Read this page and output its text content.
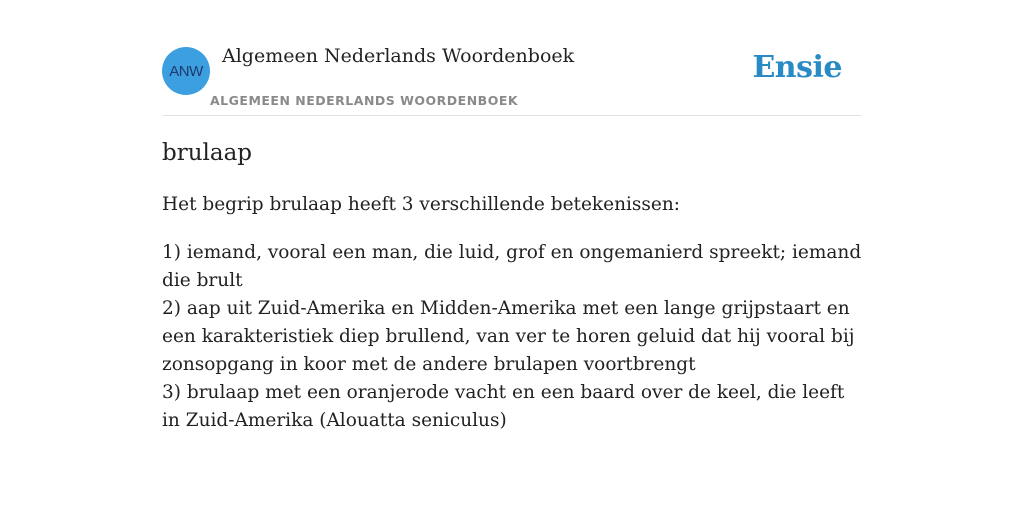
ANW
Algemeen Nederlands Woordenboek
ALGEMEEN NEDERLANDS WOORDENBOEK
Ensie
brulaap
Het begrip brulaap heeft 3 verschillende betekenissen:
1) iemand, vooral een man, die luid, grof en ongemanierd spreekt; iemand die brult
2) aap uit Zuid-Amerika en Midden-Amerika met een lange grijpstaart en een karakteristiek diep brullend, van ver te horen geluid dat hij vooral bij zonsopgang in koor met de andere brulapen voortbrengt
3) brulaap met een oranjerode vacht en een baard over de keel, die leeft in Zuid-Amerika (Alouatta seniculus)
